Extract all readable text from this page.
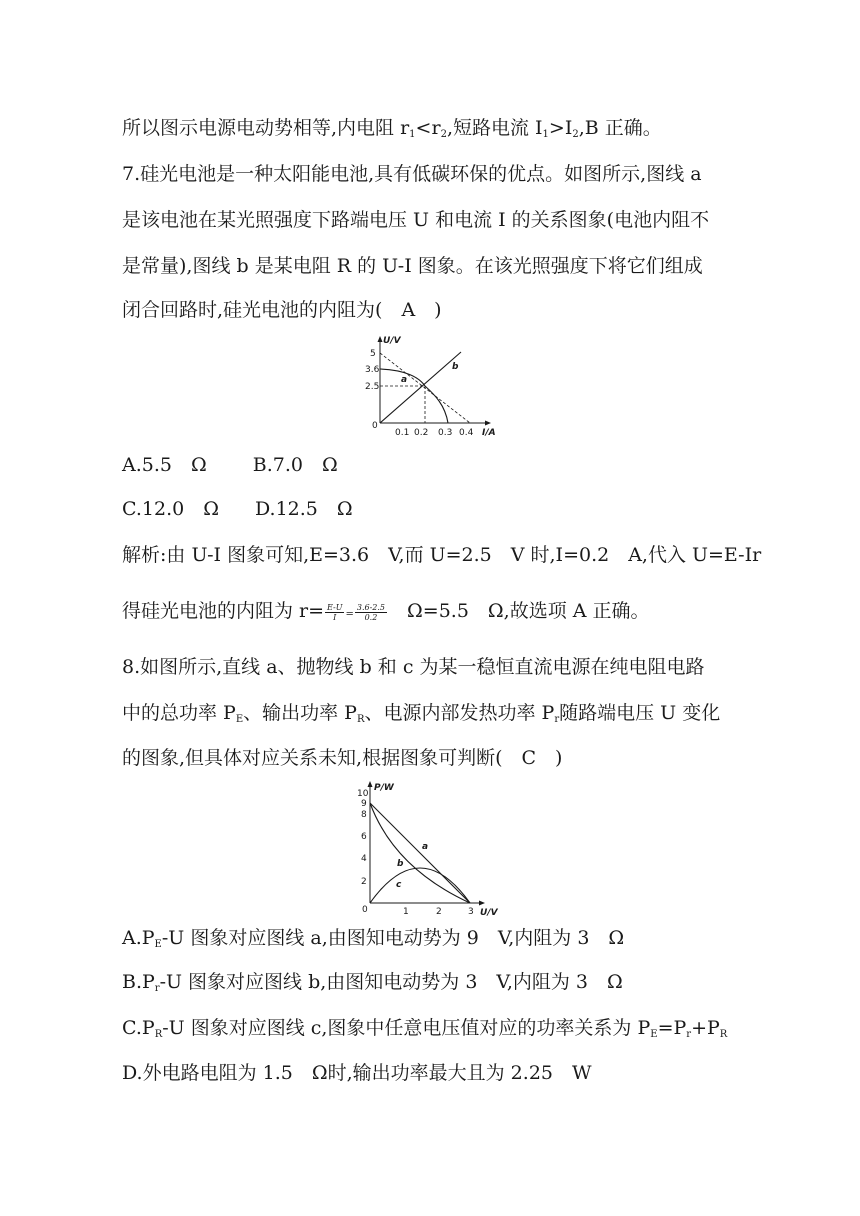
所以图示电源电动势相等,内电阻 $r_1<r_2$,短路电流 $I_1>I_2,B$ 正确。
7.硅光电池是一种太阳能电池,具有低碳环保的优点。如图所示,图线 a
是该电池在某光照强度下路端电压 U 和电流 I 的关系图象(电池内阻不
是常量),图线 b 是某电阻 R 的 U-I 图象。在该光照强度下将它们组成
闭合回路时,硅光电池的内阻为(　A　)
U/V
I/A
0
5
3.6
2.5
0.1 0.2 0.3 0.4
a
b
A.5.5　Ω B.7.0　Ω
C.12.0　Ω D.12.5　Ω
解析:由 U-I 图象可知,E=3.6　V,而 U=2.5　V 时,I=0.2　A,代入 U=E-Ir
得硅光电池的内阻为 $r= \frac{E-U}{I} = \frac{3.6-2.5}{0.2}$ 　Ω=5.5　Ω,故选项 A 正确。
8.如图所示,直线 a、抛物线 b 和 c 为某一稳恒直流电源在纯电阻电路
中的总功率 $P_E$、输出功率 $P_R$、电源内部发热功率 $P_r$随路端电压 U 变化
的图象,但具体对应关系未知,根据图象可判断(　C　)
P/W
U/V
0
10
9
8
6
4
2
1	2	3
a
b
c
$A.P_E-U$ 图象对应图线 a,由图知电动势为 9　V,内阻为 3　Ω
$B.P_r-U$ 图象对应图线 b,由图知电动势为 3　V,内阻为 3　Ω
$C.P_R-U$ 图象对应图线 c,图象中任意电压值对应的功率关系为 $P_E=P_r+P_R$
D.外电路电阻为 1.5　Ω时,输出功率最大且为 2.25　W
